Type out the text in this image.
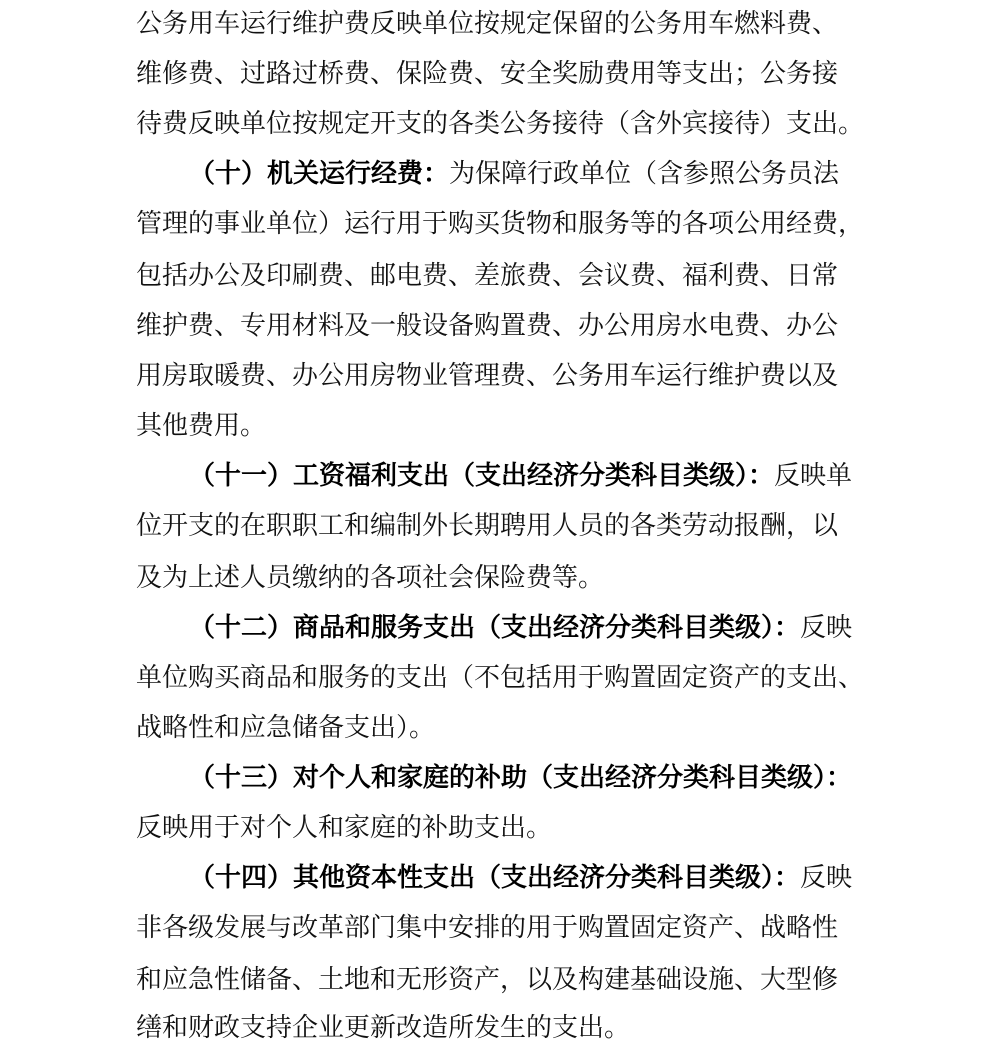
公务用车运行维护费反映单位按规定保留的公务用车燃料费、
维修费、过路过桥费、保险费、安全奖励费用等支出；公务接
待费反映单位按规定开支的各类公务接待（含外宾接待）支出。
（十）机关运行经费：为保障行政单位（含参照公务员法
管理的事业单位）运行用于购买货物和服务等的各项公用经费，
包括办公及印刷费、邮电费、差旅费、会议费、福利费、日常
维护费、专用材料及一般设备购置费、办公用房水电费、办公
用房取暖费、办公用房物业管理费、公务用车运行维护费以及
其他费用。
（十一）工资福利支出（支出经济分类科目类级）：反映单
位开支的在职职工和编制外长期聘用人员的各类劳动报酬，以
及为上述人员缴纳的各项社会保险费等。
（十二）商品和服务支出（支出经济分类科目类级）：反映
单位购买商品和服务的支出（不包括用于购置固定资产的支出、
战略性和应急储备支出）。
（十三）对个人和家庭的补助（支出经济分类科目类级）：
反映用于对个人和家庭的补助支出。
（十四）其他资本性支出（支出经济分类科目类级）：反映
非各级发展与改革部门集中安排的用于购置固定资产、战略性
和应急性储备、土地和无形资产，以及构建基础设施、大型修
缮和财政支持企业更新改造所发生的支出。
